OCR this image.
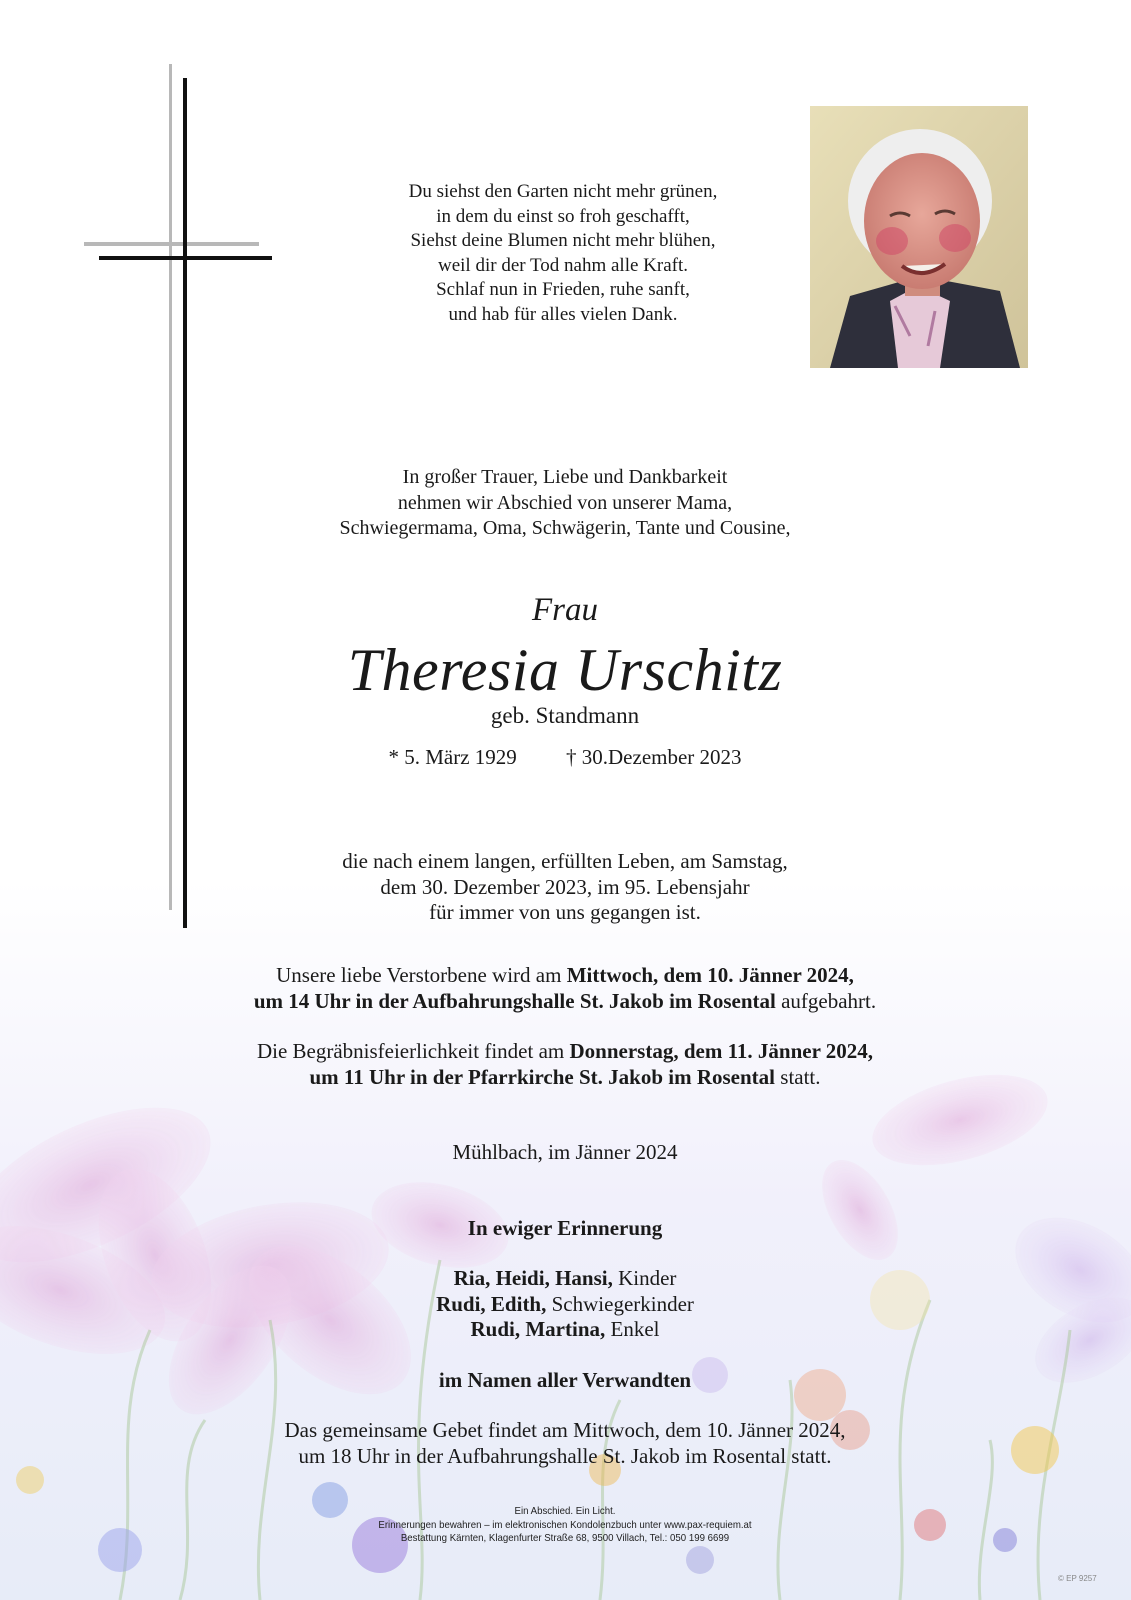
Du siehst den Garten nicht mehr grünen,
in dem du einst so froh geschafft,
Siehst deine Blumen nicht mehr blühen,
weil dir der Tod nahm alle Kraft.
Schlaf nun in Frieden, ruhe sanft,
und hab für alles vielen Dank.
In großer Trauer, Liebe und Dankbarkeit
nehmen wir Abschied von unserer Mama,
Schwiegermama, Oma, Schwägerin, Tante und Cousine,
Frau
Theresia Urschitz
geb. Standmann
* 5. März 1929 † 30.Dezember 2023
die nach einem langen, erfüllten Leben, am Samstag,
dem 30. Dezember 2023, im 95. Lebensjahr
für immer von uns gegangen ist.
Unsere liebe Verstorbene wird am Mittwoch, dem 10. Jänner 2024,
um 14 Uhr in der Aufbahrungshalle St. Jakob im Rosental aufgebahrt.
Die Begräbnisfeierlichkeit findet am Donnerstag, dem 11. Jänner 2024,
um 11 Uhr in der Pfarrkirche St. Jakob im Rosental statt.
Mühlbach, im Jänner 2024
In ewiger Erinnerung
Ria, Heidi, Hansi, Kinder
Rudi, Edith, Schwiegerkinder
Rudi, Martina, Enkel
im Namen aller Verwandten
Das gemeinsame Gebet findet am Mittwoch, dem 10. Jänner 2024,
um 18 Uhr in der Aufbahrungshalle St. Jakob im Rosental statt.
Ein Abschied. Ein Licht.
Erinnerungen bewahren – im elektronischen Kondolenzbuch unter www.pax-requiem.at
Bestattung Kärnten, Klagenfurter Straße 68, 9500 Villach, Tel.: 050 199 6699
© EP 9257
